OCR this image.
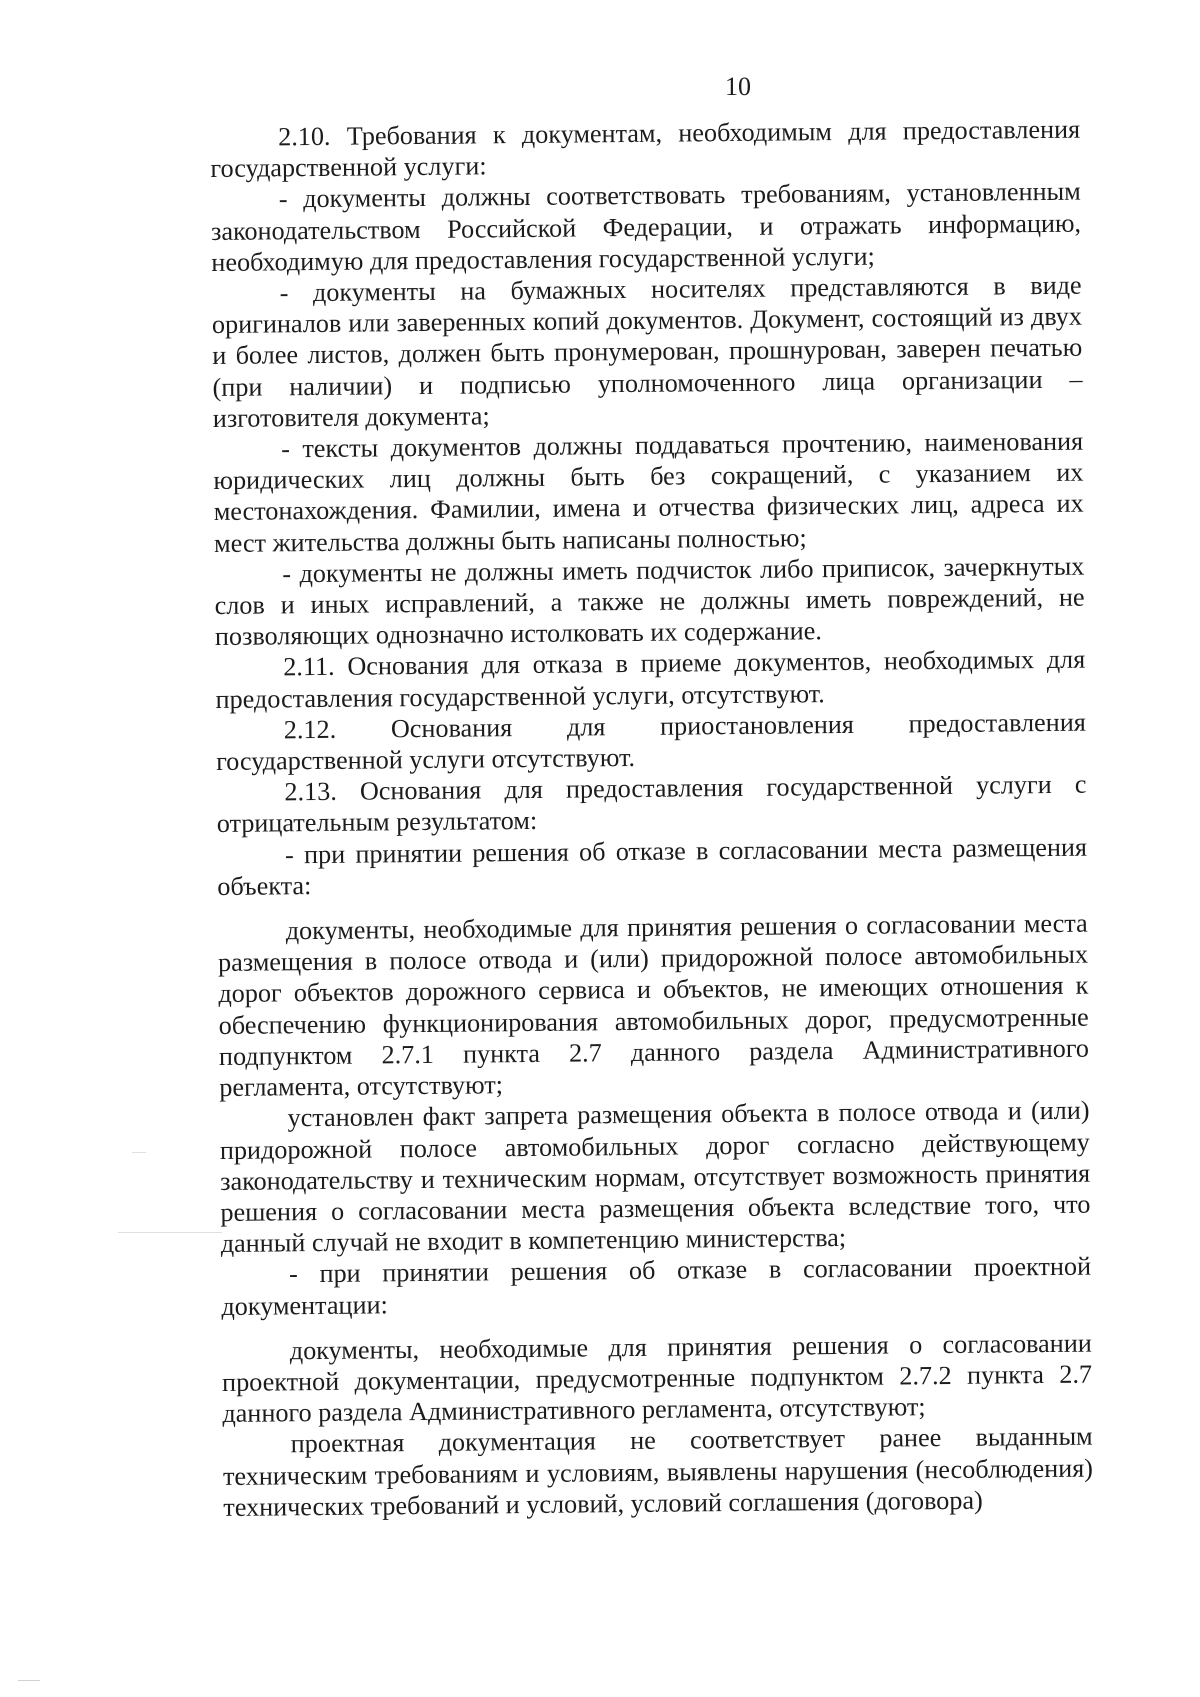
10

2.10. Требования к документам, необходимым для предоставления государственной услуги:

- документы должны соответствовать требованиям, установленным законодательством Российской Федерации, и отражать информацию, необходимую для предоставления государственной услуги;

- документы на бумажных носителях представляются в виде оригиналов или заверенных копий документов. Документ, состоящий из двух и более листов, должен быть пронумерован, прошнурован, заверен печатью (при наличии) и подписью уполномоченного лица организации – изготовителя документа;

- тексты документов должны поддаваться прочтению, наименования юридических лиц должны быть без сокращений, с указанием их местонахождения. Фамилии, имена и отчества физических лиц, адреса их мест жительства должны быть написаны полностью;

- документы не должны иметь подчисток либо приписок, зачеркнутых слов и иных исправлений, а также не должны иметь повреждений, не позволяющих однозначно истолковать их содержание.

2.11. Основания для отказа в приеме документов, необходимых для предоставления государственной услуги, отсутствуют.

2.12. Основания для приостановления предоставления государственной услуги отсутствуют.

2.13. Основания для предоставления государственной услуги с отрицательным результатом:

- при принятии решения об отказе в согласовании места размещения объекта:

документы, необходимые для принятия решения о согласовании места размещения в полосе отвода и (или) придорожной полосе автомобильных дорог объектов дорожного сервиса и объектов, не имеющих отношения к обеспечению функционирования автомобильных дорог, предусмотренные подпунктом 2.7.1 пункта 2.7 данного раздела Административного регламента, отсутствуют;

установлен факт запрета размещения объекта в полосе отвода и (или) придорожной полосе автомобильных дорог согласно действующему законодательству и техническим нормам, отсутствует возможность принятия решения о согласовании места размещения объекта вследствие того, что данный случай не входит в компетенцию министерства;

- при принятии решения об отказе в согласовании проектной документации:

документы, необходимые для принятия решения о согласовании проектной документации, предусмотренные подпунктом 2.7.2 пункта 2.7 данного раздела Административного регламента, отсутствуют;

проектная документация не соответствует ранее выданным техническим требованиям и условиям, выявлены нарушения (несоблюдения) технических требований и условий, условий соглашения (договора)
